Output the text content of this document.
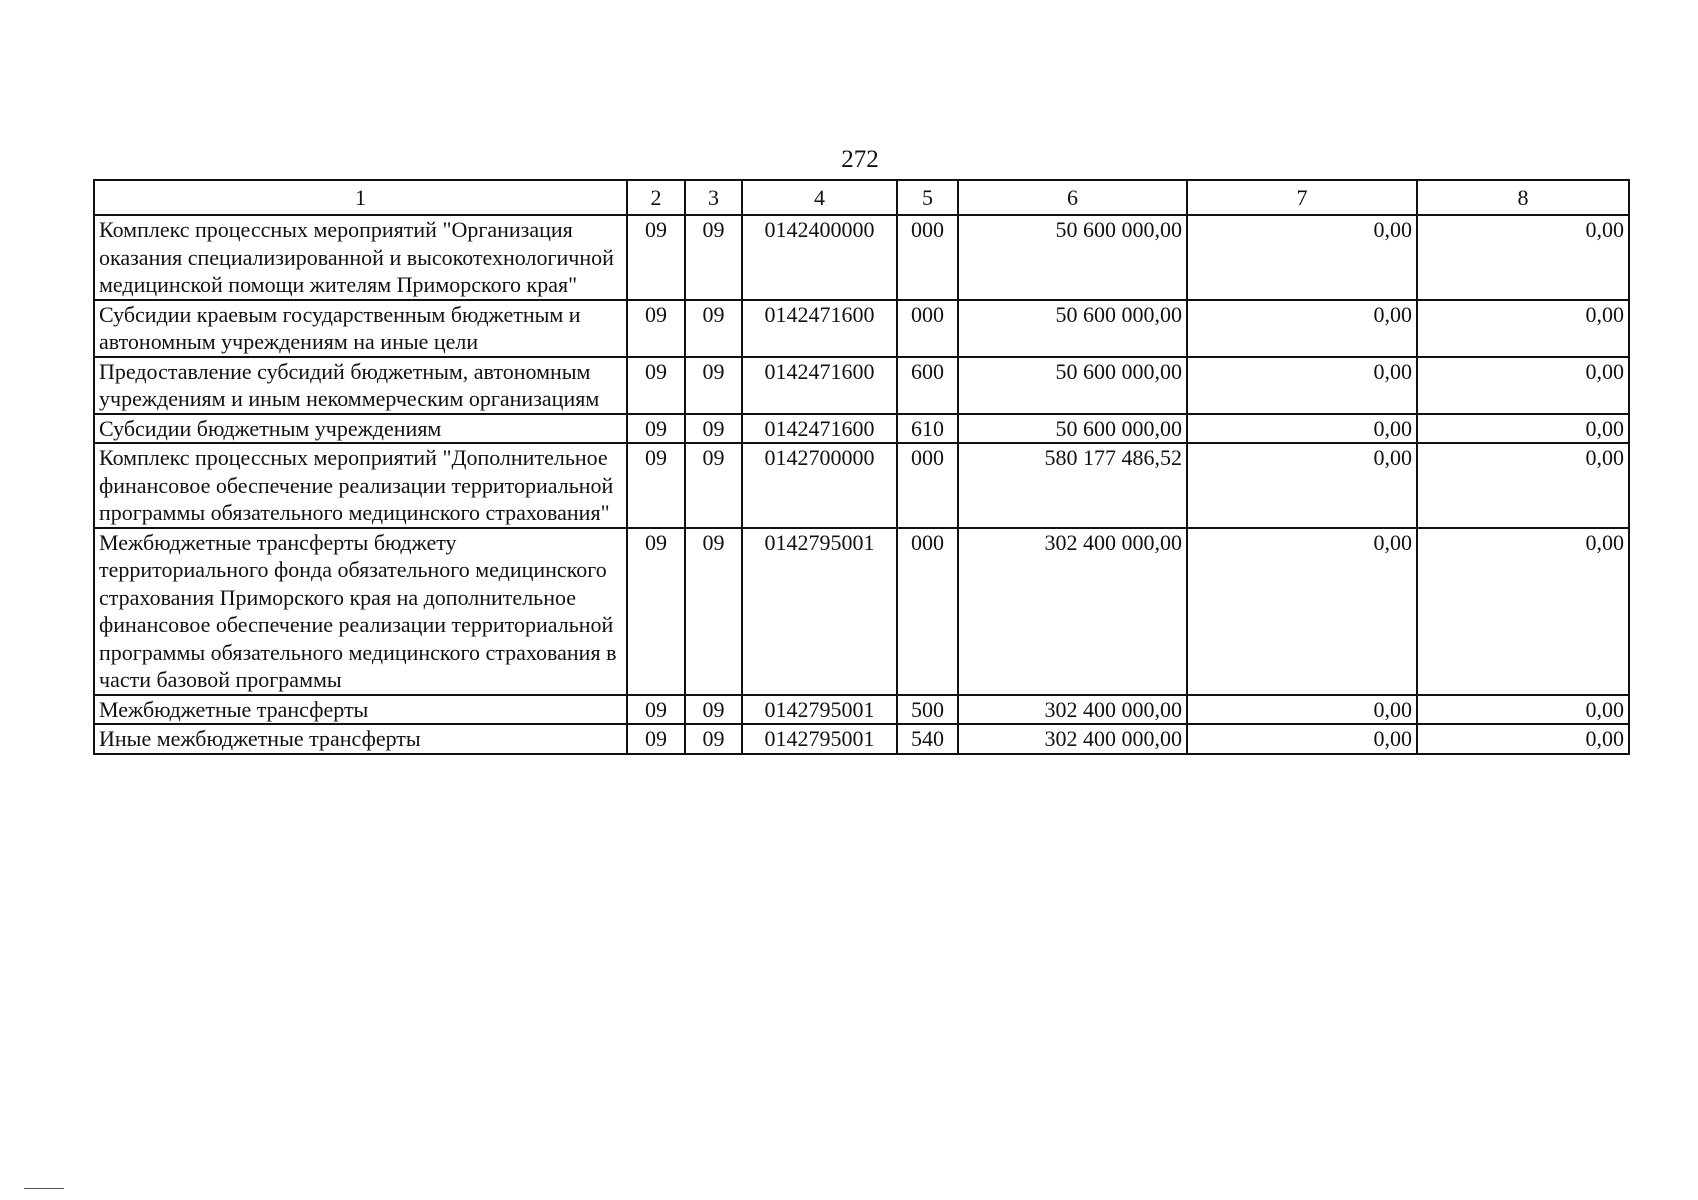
272
1	2	3	4	5	6	7	8
Комплекс процессных мероприятий "Организация оказания специализированной и высокотехнологичной медицинской помощи жителям Приморского края"	09	09	0142400000	000	50 600 000,00	0,00	0,00
Субсидии краевым государственным бюджетным и автономным учреждениям на иные цели	09	09	0142471600	000	50 600 000,00	0,00	0,00
Предоставление субсидий бюджетным, автономным учреждениям и иным некоммерческим организациям	09	09	0142471600	600	50 600 000,00	0,00	0,00
Субсидии бюджетным учреждениям	09	09	0142471600	610	50 600 000,00	0,00	0,00
Комплекс процессных мероприятий "Дополнительное финансовое обеспечение реализации территориальной программы обязательного медицинского страхования"	09	09	0142700000	000	580 177 486,52	0,00	0,00
Межбюджетные трансферты бюджету территориального фонда обязательного медицинского страхования Приморского края на дополнительное финансовое обеспечение реализации территориальной программы обязательного медицинского страхования в части базовой программы	09	09	0142795001	000	302 400 000,00	0,00	0,00
Межбюджетные трансферты	09	09	0142795001	500	302 400 000,00	0,00	0,00
Иные межбюджетные трансферты	09	09	0142795001	540	302 400 000,00	0,00	0,00
